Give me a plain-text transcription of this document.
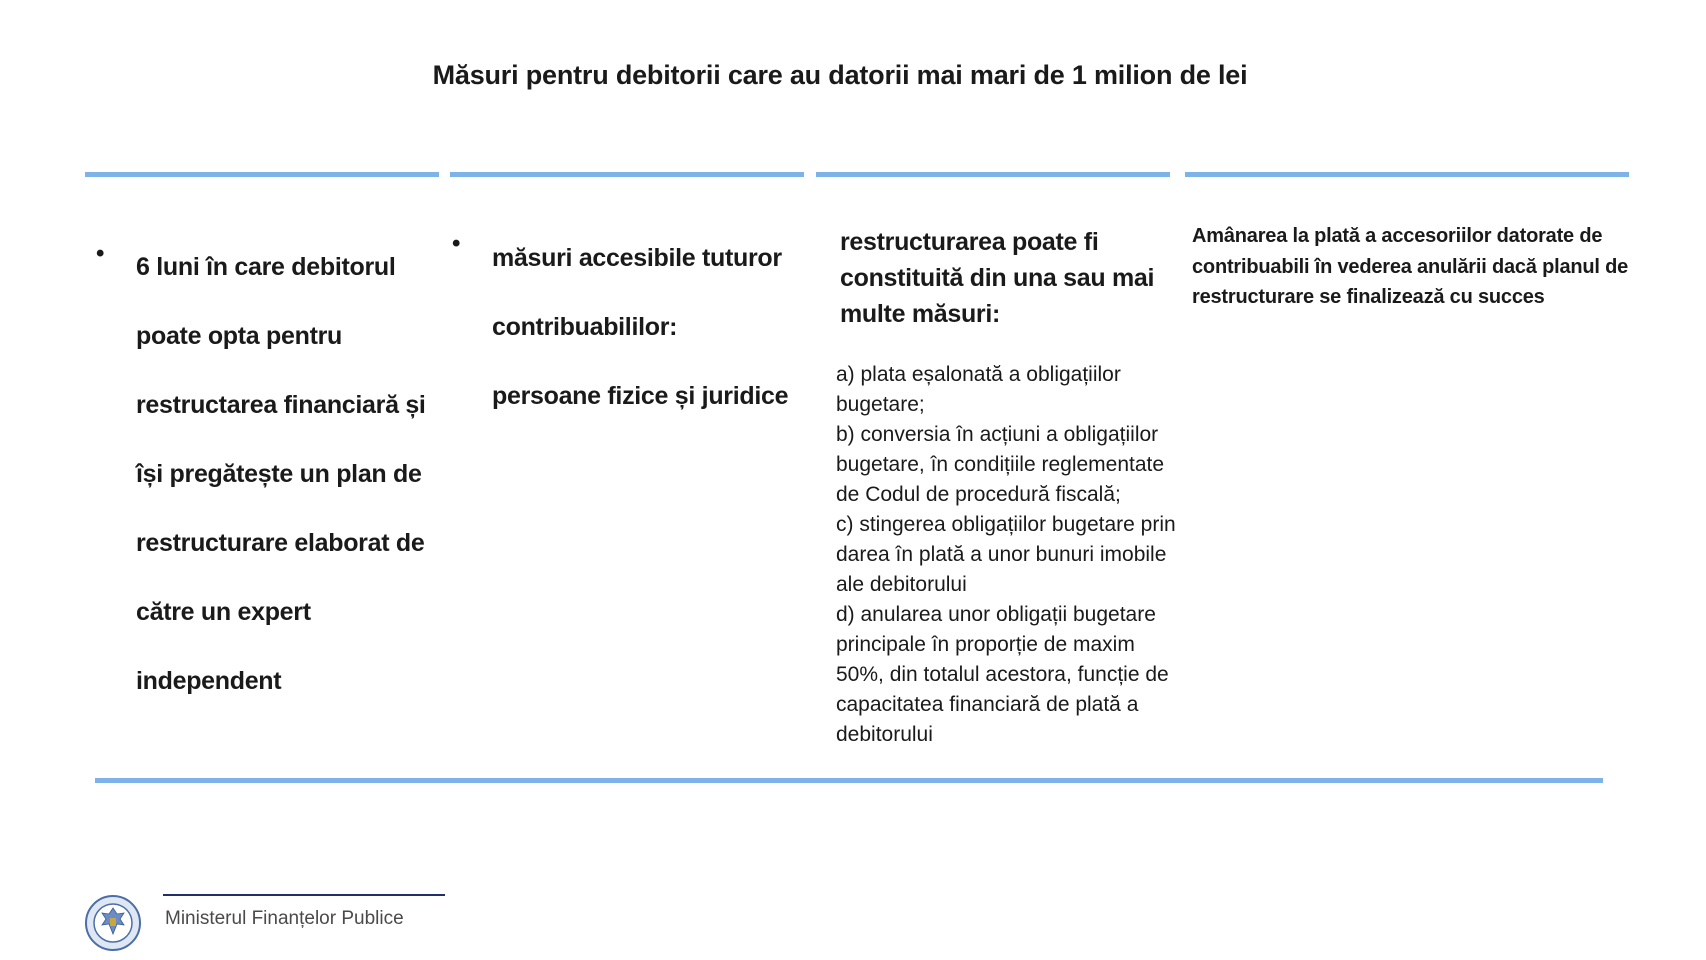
Măsuri pentru debitorii care au datorii mai mari de 1 milion de lei
• 6 luni în care debitorul
poate opta pentru
restructarea financiară și
își pregătește un plan de
restructurare elaborat de
către un expert
independent
•
măsuri accesibile tuturor
contribuabililor:
persoane fizice și juridice
restructurarea poate fi
constituită din una sau mai
multe măsuri:
a) plata eșalonată a obligațiilor bugetare;
b) conversia în acțiuni a obligațiilor bugetare, în condițiile reglementate de Codul de procedură fiscală;
c) stingerea obligațiilor bugetare prin darea în plată a unor bunuri imobile ale debitorului
d) anularea unor obligații bugetare principale în proporție de maxim 50%, din totalul acestora, funcție de capacitatea financiară de plată a debitorului
Amânarea la plată a accesoriilor datorate de contribuabili în vederea anulării dacă planul de restructurare se finalizează cu succes
Ministerul Finanțelor Publice
